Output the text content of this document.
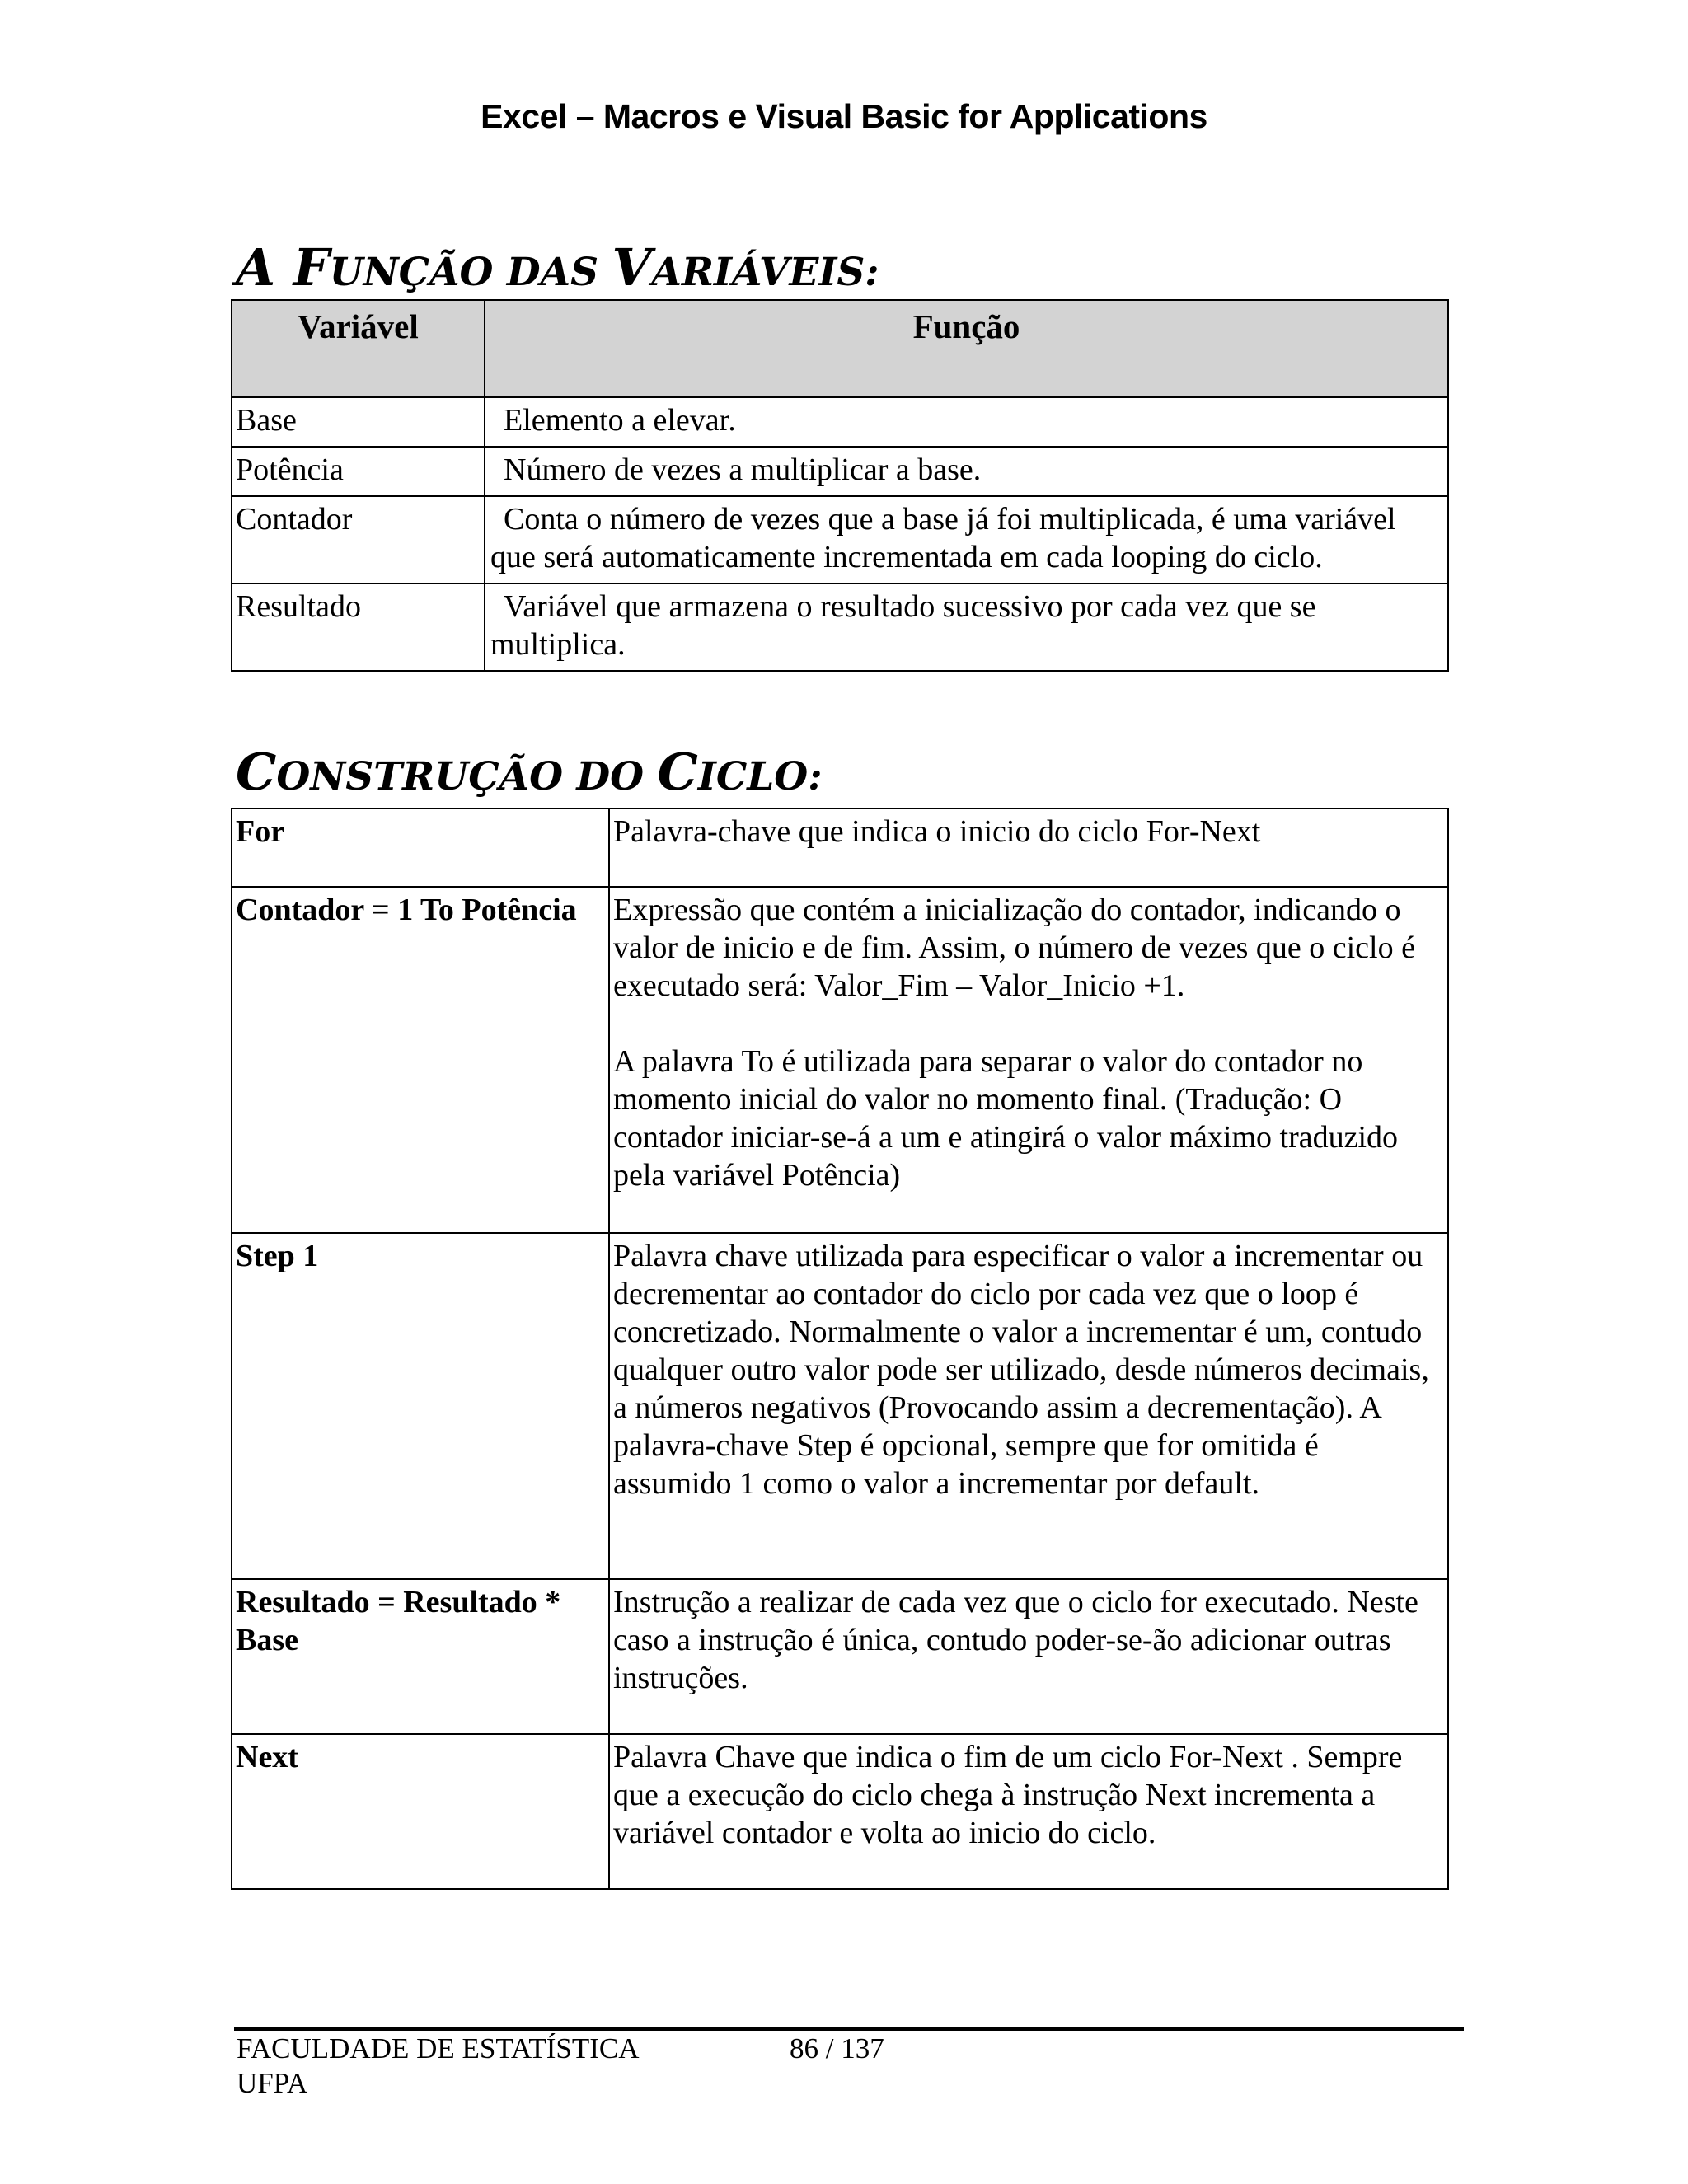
Excel – Macros e Visual Basic for Applications
A FUNÇÃO DAS VARIÁVEIS:
Variável	Função
Base	Elemento a elevar.
Potência	Número de vezes a multiplicar a base.
Contador	Conta o número de vezes que a base já foi multiplicada, é uma variável que será automaticamente incrementada em cada looping do ciclo.
Resultado	Variável que armazena o resultado sucessivo por cada vez que se multiplica.
CONSTRUÇÃO DO CICLO:
For	Palavra-chave que indica o inicio do ciclo For-Next

Contador = 1 To Potência	Expressão que contém a inicialização do contador, indicando o valor de inicio e de fim. Assim, o número de vezes que o ciclo é executado será: Valor_Fim – Valor_Inicio +1.

A palavra To é utilizada para separar o valor do contador no momento inicial do valor no momento final. (Tradução: O contador iniciar-se-á a um e atingirá o valor máximo traduzido pela variável Potência)

Step 1	Palavra chave utilizada para especificar o valor a incrementar ou decrementar ao contador do ciclo por cada vez que o loop é concretizado. Normalmente o valor a incrementar é um, contudo qualquer outro valor pode ser utilizado, desde números decimais, a números negativos (Provocando assim a decrementação). A palavra-chave Step é opcional, sempre que for omitida é assumido 1 como o valor a incrementar por default.

Resultado = Resultado * Base	Instrução a realizar de cada vez que o ciclo for executado. Neste caso a instrução é única, contudo poder-se-ão adicionar outras instruções.

Next	Palavra Chave que indica o fim de um ciclo For-Next . Sempre que a execução do ciclo chega à instrução Next incrementa a variável contador e volta ao inicio do ciclo.

FACULDADE DE ESTATÍSTICA
UFPA
86 / 137
